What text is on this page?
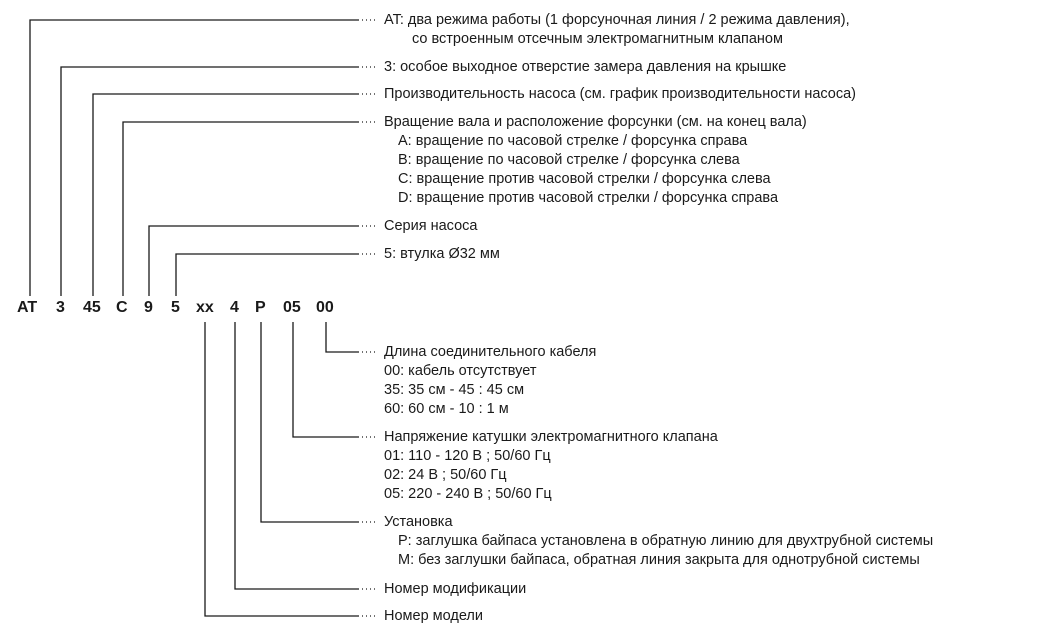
AT 3 45 C 9 5 xx 4 P 05 00
AT: два режима работы (1 форсуночная линия / 2 режима давления),
со встроенным отсечным электромагнитным клапаном
3: особое выходное отверстие замера давления на крышке
Производительность насоса (см. график производительности насоса)
Вращение вала и расположение форсунки (см. на конец вала)
A: вращение по часовой стрелке / форсунка справа
B: вращение по часовой стрелке / форсунка слева
C: вращение против часовой стрелки / форсунка слева
D: вращение против часовой стрелки / форсунка справа
Серия насоса
5: втулка Ø32 мм
Длина соединительного кабеля
00: кабель отсутствует
35: 35 см - 45 : 45 см
60: 60 см - 10 : 1 м
Напряжение катушки электромагнитного клапана
01: 110 - 120 В ; 50/60 Гц
02: 24 В ; 50/60 Гц
05: 220 - 240 В ; 50/60 Гц
Установка
P: заглушка байпаса установлена в обратную линию для двухтрубной системы
M: без заглушки байпаса, обратная линия закрыта для однотрубной системы
Номер модификации
Номер модели
